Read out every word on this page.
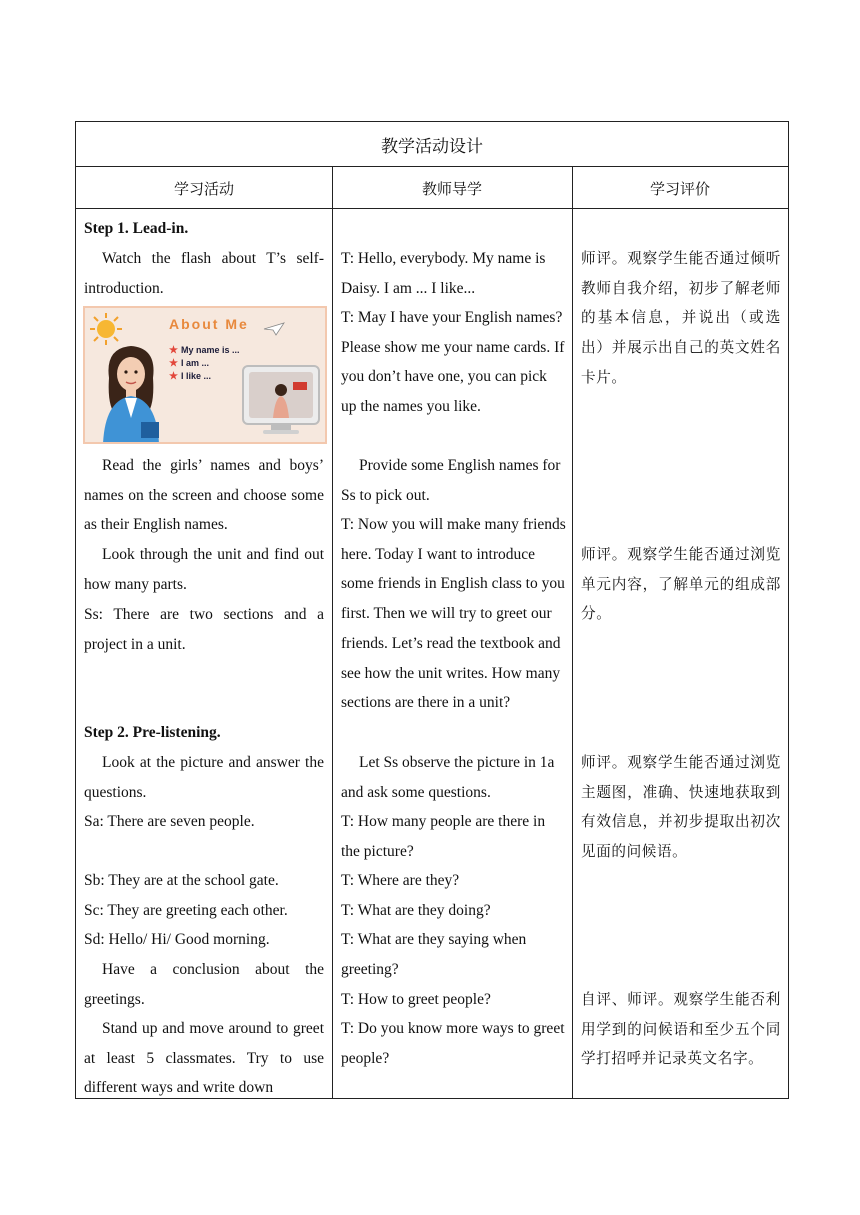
教学活动设计
学习活动	教师导学	学习评价
Step 1. Lead-in.
Watch the flash about T’s self-introduction.
About Me
★ My name is ...
★ I am ...
★ I like ...
Read the girls’ names and boys’ names on the screen and choose some as their English names.
Look through the unit and find out how many parts.
Ss: There are two sections and a project in a unit.
Step 2. Pre-listening.
Look at the picture and answer the questions.
Sa: There are seven people.
Sb: They are at the school gate.
Sc: They are greeting each other.
Sd: Hello/ Hi/ Good morning.
Have a conclusion about the greetings.
Stand up and move around to greet at least 5 classmates. Try to use different ways and write down
T: Hello, everybody. My name is Daisy. I am ... I like...
T: May I have your English names? Please show me your name cards. If you don’t have one, you can pick up the names you like.
Provide some English names for Ss to pick out.
T: Now you will make many friends here. Today I want to introduce some friends in English class to you first. Then we will try to greet our friends. Let’s read the textbook and see how the unit writes. How many sections are there in a unit?
Let Ss observe the picture in 1a and ask some questions.
T: How many people are there in the picture?
T: Where are they?
T: What are they doing?
T: What are they saying when greeting?
T: How to greet people?
T: Do you know more ways to greet people?
师评。观察学生能否通过倾听教师自我介绍，初步了解老师的基本信息，并说出（或选出）并展示出自己的英文姓名卡片。
师评。观察学生能否通过浏览单元内容，了解单元的组成部分。
师评。观察学生能否通过浏览主题图，准确、快速地获取到有效信息，并初步提取出初次见面的问候语。
自评、师评。观察学生能否利用学到的问候语和至少五个同学打招呼并记录英文名字。
